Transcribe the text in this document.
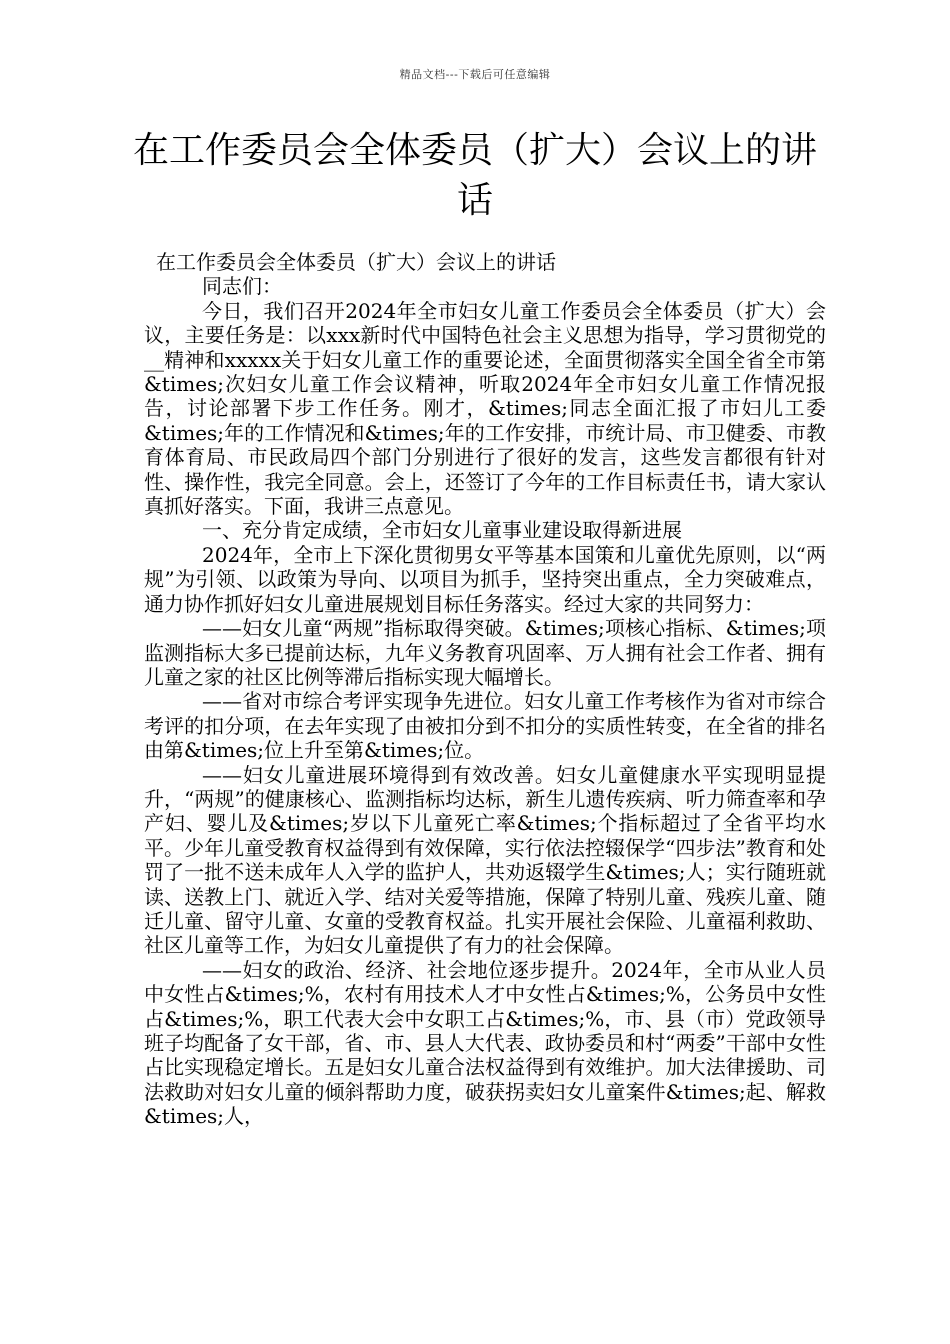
精品文档---下载后可任意编辑
在工作委员会全体委员（扩大）会议上的讲话

在工作委员会全体委员（扩大）会议上的讲话

同志们：

今日，我们召开2024年全市妇女儿童工作委员会全体委员（扩大）会议，主要任务是：以xxx新时代中国特色社会主义思想为指导，学习贯彻党的__精神和xxxxx关于妇女儿童工作的重要论述，全面贯彻落实全国全省全市第&times;次妇女儿童工作会议精神，听取2024年全市妇女儿童工作情况报告，讨论部署下步工作任务。刚才，&times;同志全面汇报了市妇儿工委&times;年的工作情况和&times;年的工作安排，市统计局、市卫健委、市教育体育局、市民政局四个部门分别进行了很好的发言，这些发言都很有针对性、操作性，我完全同意。会上，还签订了今年的工作目标责任书，请大家认真抓好落实。下面，我讲三点意见。

一、充分肯定成绩，全市妇女儿童事业建设取得新进展

2024年，全市上下深化贯彻男女平等基本国策和儿童优先原则，以“两规”为引领、以政策为导向、以项目为抓手，坚持突出重点，全力突破难点，通力协作抓好妇女儿童进展规划目标任务落实。经过大家的共同努力：

——妇女儿童“两规”指标取得突破。&times;项核心指标、&times;项监测指标大多已提前达标，九年义务教育巩固率、万人拥有社会工作者、拥有儿童之家的社区比例等滞后指标实现大幅增长。

——省对市综合考评实现争先进位。妇女儿童工作考核作为省对市综合考评的扣分项，在去年实现了由被扣分到不扣分的实质性转变，在全省的排名由第&times;位上升至第&times;位。

——妇女儿童进展环境得到有效改善。妇女儿童健康水平实现明显提升，“两规”的健康核心、监测指标均达标，新生儿遗传疾病、听力筛查率和孕产妇、婴儿及&times;岁以下儿童死亡率&times;个指标超过了全省平均水平。少年儿童受教育权益得到有效保障，实行依法控辍保学“四步法”教育和处罚了一批不送未成年人入学的监护人，共劝返辍学生&times;人；实行随班就读、送教上门、就近入学、结对关爱等措施，保障了特别儿童、残疾儿童、随迁儿童、留守儿童、女童的受教育权益。扎实开展社会保险、儿童福利救助、社区儿童等工作，为妇女儿童提供了有力的社会保障。

——妇女的政治、经济、社会地位逐步提升。2024年，全市从业人员中女性占&times;%，农村有用技术人才中女性占&times;%，公务员中女性占&times;%，职工代表大会中女职工占&times;%，市、县（市）党政领导班子均配备了女干部，省、市、县人大代表、政协委员和村“两委”干部中女性占比实现稳定增长。五是妇女儿童合法权益得到有效维护。加大法律援助、司法救助对妇女儿童的倾斜帮助力度，破获拐卖妇女儿童案件&times;起、解救&times;人，
